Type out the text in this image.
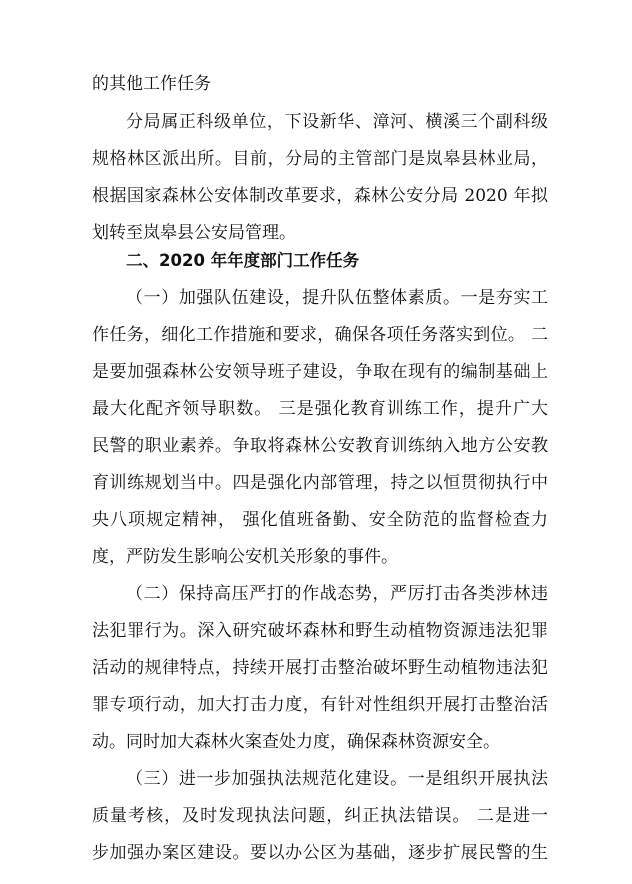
的其他工作任务
分局属正科级单位，下设新华、漳河、横溪三个副科级
规格林区派出所。目前，分局的主管部门是岚皋县林业局，
根据国家森林公安体制改革要求，森林公安分局 2020 年拟
划转至岚皋县公安局管理。
二、2020 年年度部门工作任务
（一）加强队伍建设，提升队伍整体素质。一是夯实工
作任务，细化工作措施和要求，确保各项任务落实到位。 二
是要加强森林公安领导班子建设，争取在现有的编制基础上
最大化配齐领导职数。 三是强化教育训练工作，提升广大
民警的职业素养。争取将森林公安教育训练纳入地方公安教
育训练规划当中。四是强化内部管理，持之以恒贯彻执行中
央八项规定精神， 强化值班备勤、安全防范的监督检查力
度，严防发生影响公安机关形象的事件。
（二）保持高压严打的作战态势，严厉打击各类涉林违
法犯罪行为。深入研究破坏森林和野生动植物资源违法犯罪
活动的规律特点，持续开展打击整治破坏野生动植物违法犯
罪专项行动，加大打击力度，有针对性组织开展打击整治活
动。同时加大森林火案查处力度，确保森林资源安全。
（三）进一步加强执法规范化建设。一是组织开展执法
质量考核，及时发现执法问题，纠正执法错误。 二是进一
步加强办案区建设。要以办公区为基础，逐步扩展民警的生
